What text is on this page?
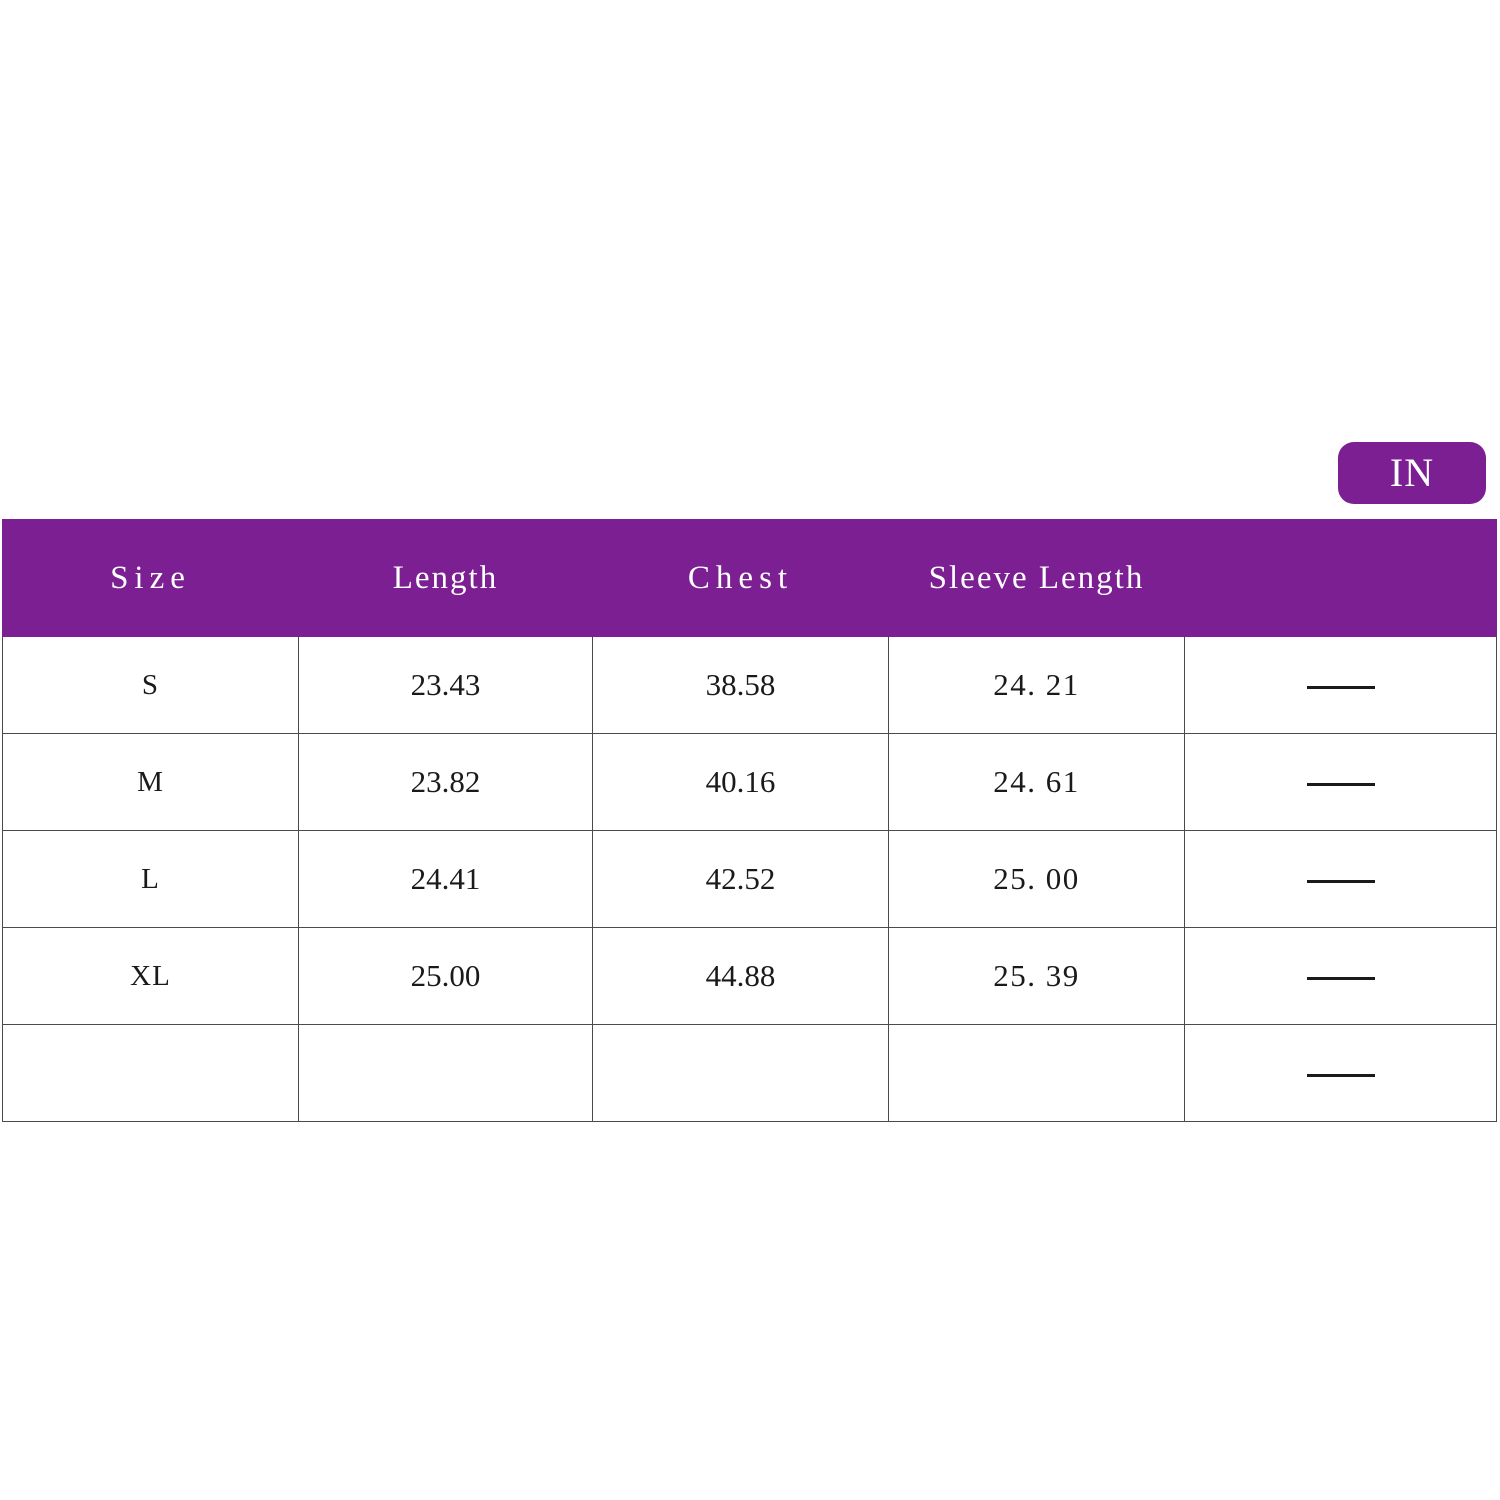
IN
Size	Length	Chest	Sleeve Length	
S	23.43	38.58	24. 21	
M	23.82	40.16	24. 61	
L	24.41	42.52	25. 00	
XL	25.00	44.88	25. 39	
